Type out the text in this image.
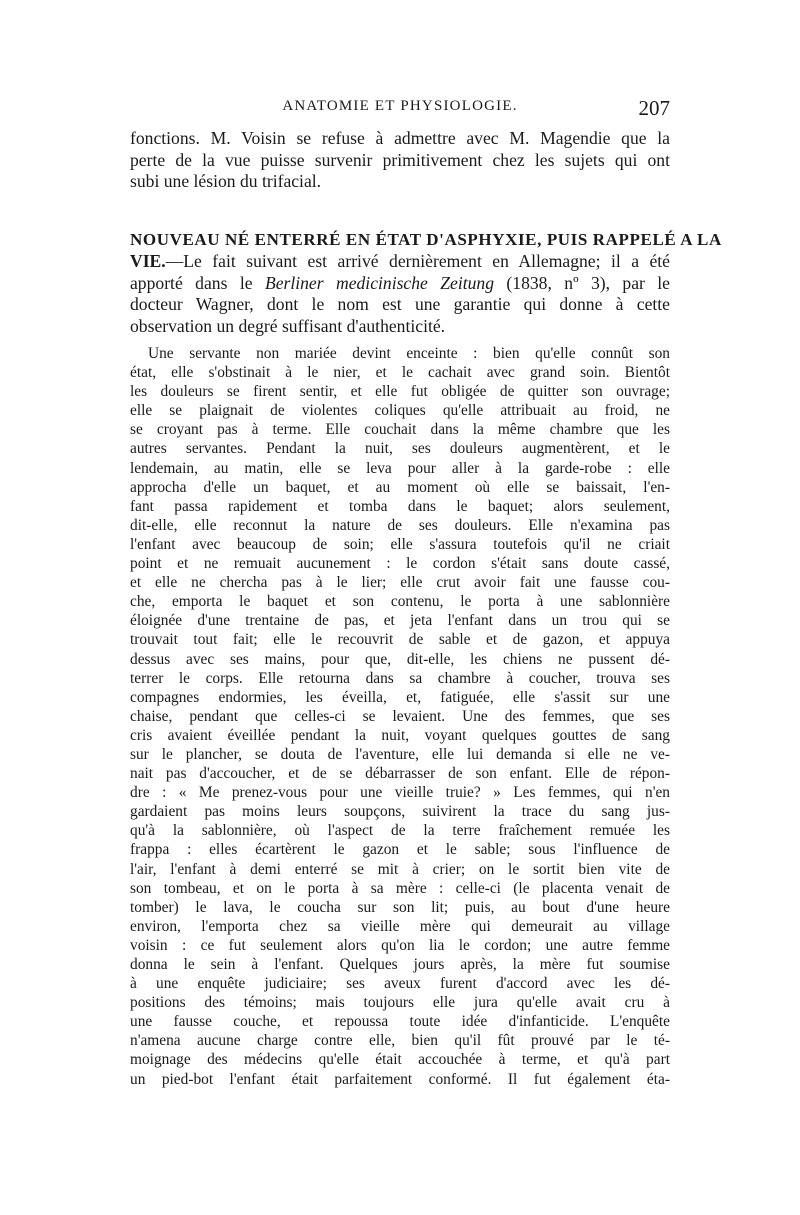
ANATOMIE ET PHYSIOLOGIE.	207
fonctions. M. Voisin se refuse à admettre avec M. Magendie que la
perte de la vue puisse survenir primitivement chez les sujets qui ont
subi une lésion du trifacial.
NOUVEAU NÉ ENTERRÉ EN ÉTAT D'ASPHYXIE, PUIS RAPPELÉ A LA
VIE.—Le fait suivant est arrivé dernièrement en Allemagne; il a été
apporté dans le Berliner medicinische Zeitung (1838, nº 3), par le
docteur Wagner, dont le nom est une garantie qui donne à cette
observation un degré suffisant d'authenticité.
Une servante non mariée devint enceinte : bien qu'elle connût son
état, elle s'obstinait à le nier, et le cachait avec grand soin. Bientôt
les douleurs se firent sentir, et elle fut obligée de quitter son ouvrage;
elle se plaignait de violentes coliques qu'elle attribuait au froid, ne
se croyant pas à terme. Elle couchait dans la même chambre que les
autres servantes. Pendant la nuit, ses douleurs augmentèrent, et le
lendemain, au matin, elle se leva pour aller à la garde-robe : elle
approcha d'elle un baquet, et au moment où elle se baissait, l'en-
fant passa rapidement et tomba dans le baquet; alors seulement,
dit-elle, elle reconnut la nature de ses douleurs. Elle n'examina pas
l'enfant avec beaucoup de soin; elle s'assura toutefois qu'il ne criait
point et ne remuait aucunement : le cordon s'était sans doute cassé,
et elle ne chercha pas à le lier; elle crut avoir fait une fausse cou-
che, emporta le baquet et son contenu, le porta à une sablonnière
éloignée d'une trentaine de pas, et jeta l'enfant dans un trou qui se
trouvait tout fait; elle le recouvrit de sable et de gazon, et appuya
dessus avec ses mains, pour que, dit-elle, les chiens ne pussent dé-
terrer le corps. Elle retourna dans sa chambre à coucher, trouva ses
compagnes endormies, les éveilla, et, fatiguée, elle s'assit sur une
chaise, pendant que celles-ci se levaient. Une des femmes, que ses
cris avaient éveillée pendant la nuit, voyant quelques gouttes de sang
sur le plancher, se douta de l'aventure, elle lui demanda si elle ne ve-
nait pas d'accoucher, et de se débarrasser de son enfant. Elle de répon-
dre : « Me prenez-vous pour une vieille truie? » Les femmes, qui n'en
gardaient pas moins leurs soupçons, suivirent la trace du sang jus-
qu'à la sablonnière, où l'aspect de la terre fraîchement remuée les
frappa : elles écartèrent le gazon et le sable; sous l'influence de
l'air, l'enfant à demi enterré se mit à crier; on le sortit bien vite de
son tombeau, et on le porta à sa mère : celle-ci (le placenta venait de
tomber) le lava, le coucha sur son lit; puis, au bout d'une heure
environ, l'emporta chez sa vieille mère qui demeurait au village
voisin : ce fut seulement alors qu'on lia le cordon; une autre femme
donna le sein à l'enfant. Quelques jours après, la mère fut soumise
à une enquête judiciaire; ses aveux furent d'accord avec les dé-
positions des témoins; mais toujours elle jura qu'elle avait cru à
une fausse couche, et repoussa toute idée d'infanticide. L'enquête
n'amena aucune charge contre elle, bien qu'il fût prouvé par le té-
moignage des médecins qu'elle était accouchée à terme, et qu'à part
un pied-bot l'enfant était parfaitement conformé. Il fut également éta-
